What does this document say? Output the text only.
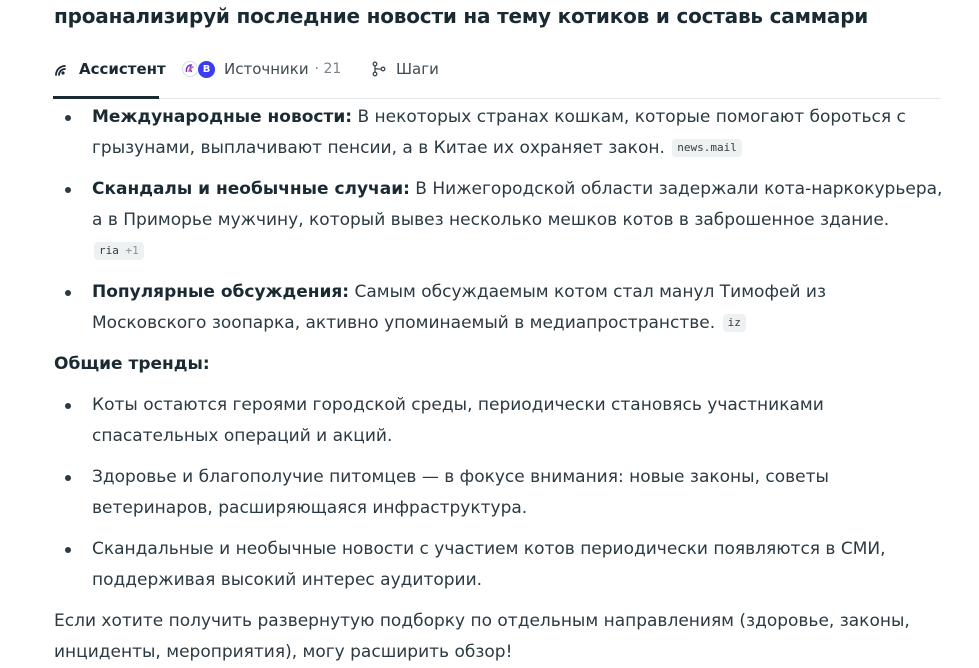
проанализируй последние новости на тему котиков и составь саммари
Ассистент	B Источники · 21	Шаги
Международные новости: В некоторых странах кошкам, которые помогают бороться с грызунами, выплачивают пенсии, а в Китае их охраняет закон. news.mail
Скандалы и необычные случаи: В Нижегородской области задержали кота-наркокурьера, а в Приморье мужчину, который вывез несколько мешков котов в заброшенное здание. ria +1
Популярные обсуждения: Самым обсуждаемым котом стал манул Тимофей из Московского зоопарка, активно упоминаемый в медиапространстве. iz
Общие тренды:
Коты остаются героями городской среды, периодически становясь участниками спасательных операций и акций.
Здоровье и благополучие питомцев — в фокусе внимания: новые законы, советы ветеринаров, расширяющаяся инфраструктура.
Скандальные и необычные новости с участием котов периодически появляются в СМИ, поддерживая высокий интерес аудитории.

Если хотите получить развернутую подборку по отдельным направлениям (здоровье, законы, инциденты, мероприятия), могу расширить обзор!
